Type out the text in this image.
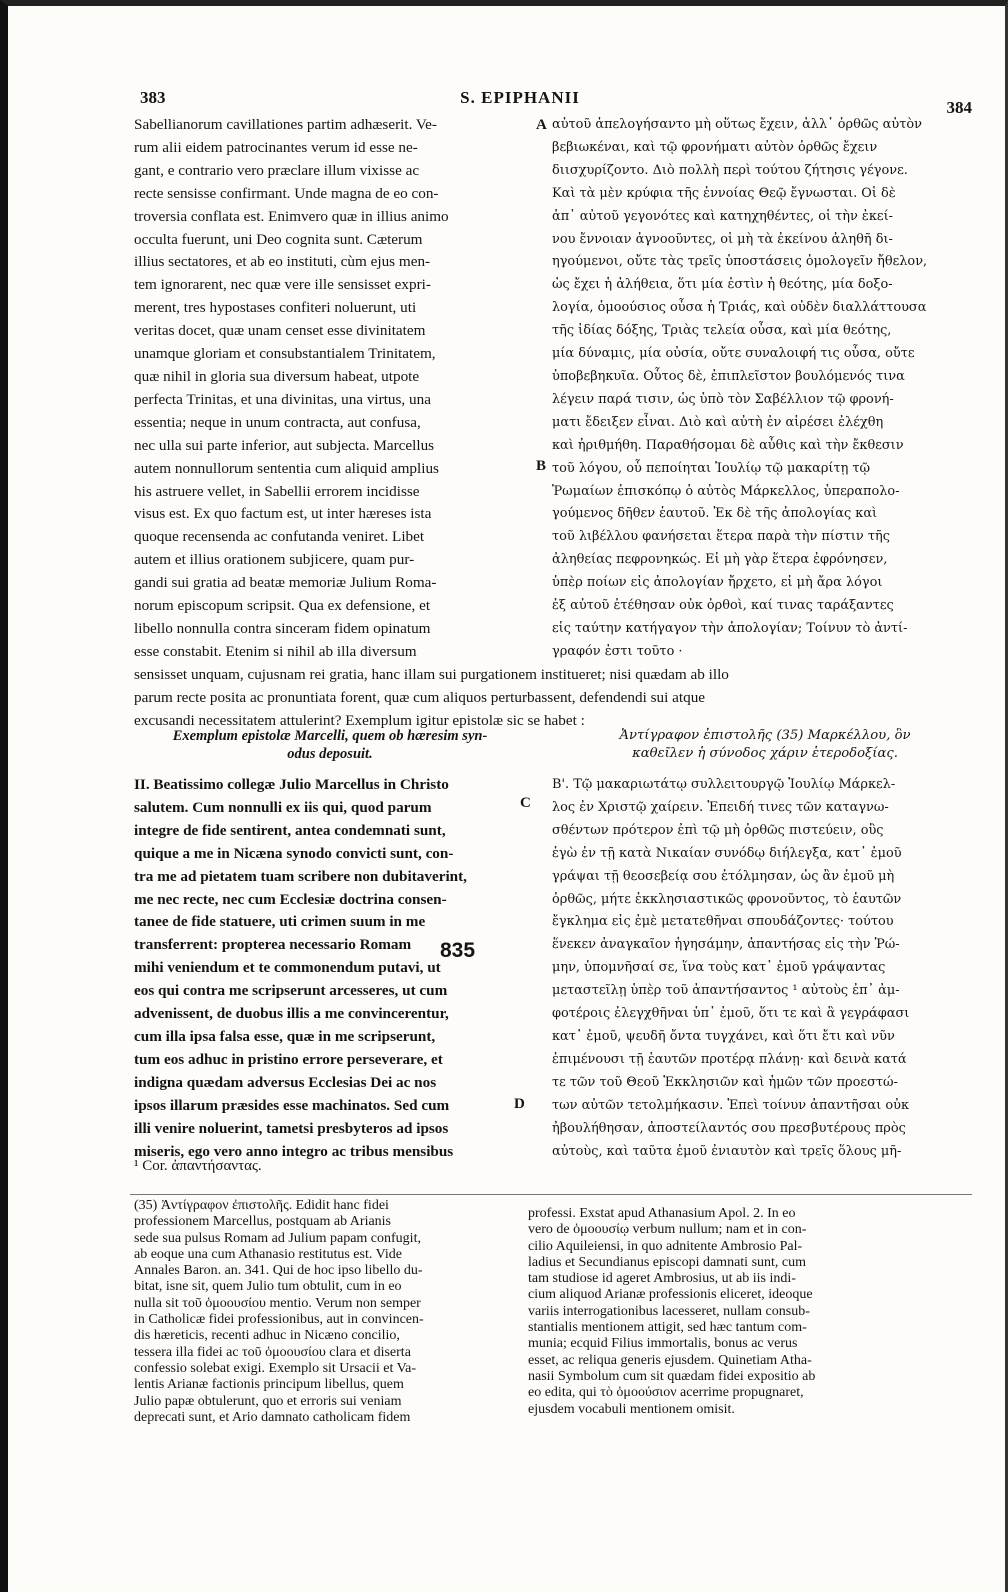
383	S. EPIPHANII
384
Sabellianorum cavillationes partim adhæserit. Ve-
rum alii eidem patrocinantes verum id esse ne-
gant, e contrario vero præclare illum vixisse ac
recte sensisse confirmant. Unde magna de eo con-
troversia conflata est. Enimvero quæ in illius animo
occulta fuerunt, uni Deo cognita sunt. Cæterum
illius sectatores, et ab eo instituti, cùm ejus men-
tem ignorarent, nec quæ vere ille sensisset expri-
merent, tres hypostases confiteri noluerunt, uti
veritas docet, quæ unam censet esse divinitatem
unamque gloriam et consubstantialem Trinitatem,
quæ nihil in gloria sua diversum habeat, utpote
perfecta Trinitas, et una divinitas, una virtus, una
essentia; neque in unum contracta, aut confusa,
nec ulla sui parte inferior, aut subjecta. Marcellus
autem nonnullorum sententia cum aliquid amplius
his astruere vellet, in Sabellii errorem incidisse
visus est. Ex quo factum est, ut inter hæreses ista
quoque recensenda ac confutanda veniret. Libet
autem et illius orationem subjicere, quam pur-
gandi sui gratia ad beatæ memoriæ Julium Roma-
norum episcopum scripsit. Qua ex defensione, et
libello nonnulla contra sinceram fidem opinatum
esse constabit. Etenim si nihil ab illa diversum
αὐτοῦ ἀπελογήσαντο μὴ οὕτως ἔχειν, ἀλλ᾿ ὀρθῶς αὐτὸν
βεβιωκέναι, καὶ τῷ φρονήματι αὐτὸν ὀρθῶς ἔχειν
διισχυρίζοντο. Διὸ πολλὴ περὶ τούτου ζήτησις γέγονε.
Καὶ τὰ μὲν κρύφια τῆς ἐννοίας Θεῷ ἔγνωσται. Οἱ δὲ
ἀπ᾿ αὐτοῦ γεγονότες καὶ κατηχηθέντες, οἱ τὴν ἐκεί-
νου ἔννοιαν ἀγνοοῦντες, οἱ μὴ τὰ ἐκείνου ἀληθῆ δι-
ηγούμενοι, οὔτε τὰς τρεῖς ὑποστάσεις ὁμολογεῖν ἤθελον,
ὡς ἔχει ἡ ἀλήθεια, ὅτι μία ἐστὶν ἡ θεότης, μία δοξο-
λογία, ὁμοούσιος οὖσα ἡ Τριάς, καὶ οὐδὲν διαλλάττουσα
τῆς ἰδίας δόξης, Τριὰς τελεία οὖσα, καὶ μία θεότης,
μία δύναμις, μία οὐσία, οὔτε συναλοιφή τις οὖσα, οὔτε
ὑποβεβηκυῖα. Οὗτος δὲ, ἐπιπλεῖστον βουλόμενός τινα
λέγειν παρά τισιν, ὡς ὑπὸ τὸν Σαβέλλιον τῷ φρονή-
ματι ἔδειξεν εἶναι. Διὸ καὶ αὐτὴ ἐν αἱρέσει ἐλέχθη
καὶ ἠριθμήθη. Παραθήσομαι δὲ αὖθις καὶ τὴν ἔκθεσιν
τοῦ λόγου, οὗ πεποίηται Ἰουλίῳ τῷ μακαρίτῃ τῷ
Ῥωμαίων ἐπισκόπῳ ὁ αὐτὸς Μάρκελλος, ὑπεραπολο-
γούμενος δῆθεν ἑαυτοῦ. Ἐκ δὲ τῆς ἀπολογίας καὶ
τοῦ λιβέλλου φανήσεται ἕτερα παρὰ τὴν πίστιν τῆς
ἀληθείας πεφρονηκώς. Εἰ μὴ γὰρ ἕτερα ἐφρόνησεν,
ὑπὲρ ποίων εἰς ἀπολογίαν ἤρχετο, εἰ μὴ ἄρα λόγοι
ἐξ αὐτοῦ ἐτέθησαν οὐκ ὀρθοὶ, καί τινας ταράξαντες
εἰς ταύτην κατήγαγον τὴν ἀπολογίαν; Τοίνυν τὸ ἀντί-
γραφόν ἐστι τοῦτο ·
A
B
C
D
sensisset unquam, cujusnam rei gratia, hanc illam sui purgationem institueret; nisi quædam ab illo
parum recte posita ac pronuntiata forent, quæ cum aliquos perturbassent, defendendi sui atque
excusandi necessitatem attulerint? Exemplum igitur epistolæ sic se habet :
Exemplum epistolæ Marcelli, quem ob hæresim syn-
odus deposuit.
Ἀντίγραφον ἐπιστολῆς (35) Μαρκέλλου, ὃν
καθεῖλεν ἡ σύνοδος χάριν ἑτεροδοξίας.
II. Beatissimo collegæ Julio Marcellus in Christo
salutem. Cum nonnulli ex iis qui, quod parum
integre de fide sentirent, antea condemnati sunt,
quique a me in Nicæna synodo convicti sunt, con-
tra me ad pietatem tuam scribere non dubitaverint,
me nec recte, nec cum Ecclesiæ doctrina consen-
tanee de fide statuere, uti crimen suum in me
transferrent: propterea necessario Romam
mihi veniendum et te commonendum putavi, ut
eos qui contra me scripserunt arcesseres, ut cum
advenissent, de duobus illis a me convincerentur,
cum illa ipsa falsa esse, quæ in me scripserunt,
tum eos adhuc in pristino errore perseverare, et
indigna quædam adversus Ecclesias Dei ac nos
ipsos illarum præsides esse machinatos. Sed cum
illi venire noluerint, tametsi presbyteros ad ipsos
miseris, ego vero anno integro ac tribus mensibus
Β'. Τῷ μακαριωτάτῳ συλλειτουργῷ Ἰουλίῳ Μάρκελ-
λος ἐν Χριστῷ χαίρειν. Ἐπειδή τινες τῶν καταγνω-
σθέντων πρότερον ἐπὶ τῷ μὴ ὀρθῶς πιστεύειν, οὓς
ἐγὼ ἐν τῇ κατὰ Νικαίαν συνόδῳ διήλεγξα, κατ᾿ ἐμοῦ
γράψαι τῇ θεοσεβείᾳ σου ἐτόλμησαν, ὡς ἂν ἐμοῦ μὴ
ὀρθῶς, μήτε ἐκκλησιαστικῶς φρονοῦντος, τὸ ἑαυτῶν
ἔγκλημα εἰς ἐμὲ μετατεθῆναι σπουδάζοντες· τούτου
ἕνεκεν ἀναγκαῖον ἡγησάμην, ἀπαντήσας εἰς τὴν Ῥώ-
μην, ὑπομνῆσαί σε, ἵνα τοὺς κατ᾿ ἐμοῦ γράψαντας
μεταστεῖλῃ ὑπὲρ τοῦ ἀπαντήσαντος ¹ αὐτοὺς ἐπ᾿ ἀμ-
φοτέροις ἐλεγχθῆναι ὑπ᾿ ἐμοῦ, ὅτι τε καὶ ἃ γεγράφασι
κατ᾿ ἐμοῦ, ψευδῆ ὄντα τυγχάνει, καὶ ὅτι ἔτι καὶ νῦν
ἐπιμένουσι τῇ ἑαυτῶν προτέρᾳ πλάνῃ· καὶ δεινὰ κατά
τε τῶν τοῦ Θεοῦ Ἐκκλησιῶν καὶ ἡμῶν τῶν προεστώ-
των αὐτῶν τετολμήκασιν. Ἐπεὶ τοίνυν ἀπαντῆσαι οὐκ
ἠβουλήθησαν, ἀποστείλαντός σου πρεσβυτέρους πρὸς
αὐτοὺς, καὶ ταῦτα ἐμοῦ ἐνιαυτὸν καὶ τρεῖς ὅλους μῆ-
835
¹ Cor. ἀπαντήσαντας.
(35) Ἀντίγραφον ἐπιστολῆς. Edidit hanc fidei
professionem Marcellus, postquam ab Arianis
sede sua pulsus Romam ad Julium papam confugit,
ab eoque una cum Athanasio restitutus est. Vide
Annales Baron. an. 341. Qui de hoc ipso libello du-
bitat, isne sit, quem Julio tum obtulit, cum in eo
nulla sit τοῦ ὁμοουσίου mentio. Verum non semper
in Catholicæ fidei professionibus, aut in convincen-
dis hæreticis, recenti adhuc in Nicæno concilio,
tessera illa fidei ac τοῦ ὁμοουσίου clara et diserta
confessio solebat exigi. Exemplo sit Ursacii et Va-
lentis Arianæ factionis principum libellus, quem
Julio papæ obtulerunt, quo et erroris sui veniam
deprecati sunt, et Ario damnato catholicam fidem
professi. Exstat apud Athanasium Apol. 2. In eo
vero de ὁμοουσίῳ verbum nullum; nam et in con-
cilio Aquileiensi, in quo adnitente Ambrosio Pal-
ladius et Secundianus episcopi damnati sunt, cum
tam studiose id ageret Ambrosius, ut ab iis indi-
cium aliquod Arianæ professionis eliceret, ideoque
variis interrogationibus lacesseret, nullam consub-
stantialis mentionem attigit, sed hæc tantum com-
munia; ecquid Filius immortalis, bonus ac verus
esset, ac reliqua generis ejusdem. Quinetiam Atha-
nasii Symbolum cum sit quædam fidei expositio ab
eo edita, qui τὸ ὁμοούσιον acerrime propugnaret,
ejusdem vocabuli mentionem omisit.
